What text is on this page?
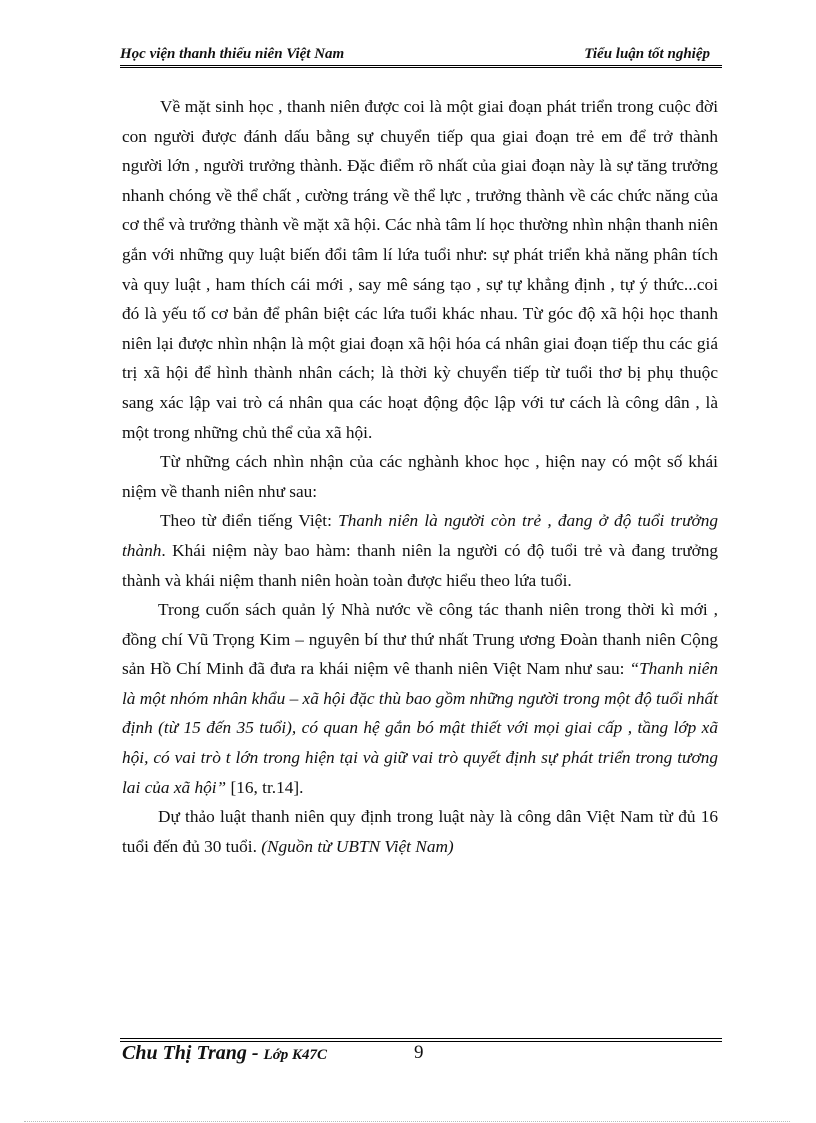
Học viện thanh thiếu niên Việt Nam	Tiểu luận tốt nghiệp

Về mặt sinh học , thanh niên được coi là một giai đoạn phát triển trong cuộc đời con người được đánh dấu bằng sự chuyển tiếp qua giai đoạn trẻ em để trở thành người lớn , người trưởng thành. Đặc điểm rõ nhất của giai đoạn này là sự tăng trưởng nhanh chóng về thể chất , cường tráng về thể lực , trưởng thành về các chức năng của cơ thể và trưởng thành về mặt xã hội. Các nhà tâm lí học thường nhìn nhận thanh niên gắn với những quy luật biến đổi tâm lí lứa tuổi như: sự phát triển khả năng phân tích và quy luật , ham thích cái mới , say mê sáng tạo , sự tự khẳng định , tự ý thức...coi đó là yếu tố cơ bản để phân biệt các lứa tuổi khác nhau. Từ góc độ xã hội học thanh niên lại được nhìn nhận là một giai đoạn xã hội hóa cá nhân giai đoạn tiếp thu các giá trị xã hội để hình thành nhân cách; là thời kỳ chuyển tiếp từ tuổi thơ bị phụ thuộc sang xác lập vai trò cá nhân qua các hoạt động độc lập với tư cách là công dân , là một trong những chủ thể của xã hội.

Từ những cách nhìn nhận của các nghành khoc học , hiện nay có một số khái niệm về thanh niên như sau:

Theo từ điển tiếng Việt: Thanh niên là người còn trẻ , đang ở độ tuổi trưởng thành. Khái niệm này bao hàm: thanh niên la người có độ tuổi trẻ và đang trưởng thành và khái niệm thanh niên hoàn toàn được hiểu theo lứa tuổi.

Trong cuốn sách quản lý Nhà nước về công tác thanh niên trong thời kì mới , đồng chí Vũ Trọng Kim – nguyên bí thư thứ nhất Trung ương Đoàn thanh niên Cộng sản Hồ Chí Minh đã đưa ra khái niệm vê thanh niên Việt Nam như sau: “Thanh niên là một nhóm nhân khẩu – xã hội đặc thù bao gồm những người trong một độ tuổi nhất định (từ 15 đến 35 tuổi), có quan hệ gắn bó mật thiết với mọi giai cấp , tầng lớp xã hội, có vai trò t lớn trong hiện tại và giữ vai trò quyết định sự phát triển trong tương lai của xã hội” [16, tr.14].

Dự thảo luật thanh niên quy định trong luật này là công dân Việt Nam từ đủ 16 tuổi đến đủ 30 tuổi. (Nguồn từ UBTN Việt Nam)

Chu Thị Trang - Lớp K47C	9
